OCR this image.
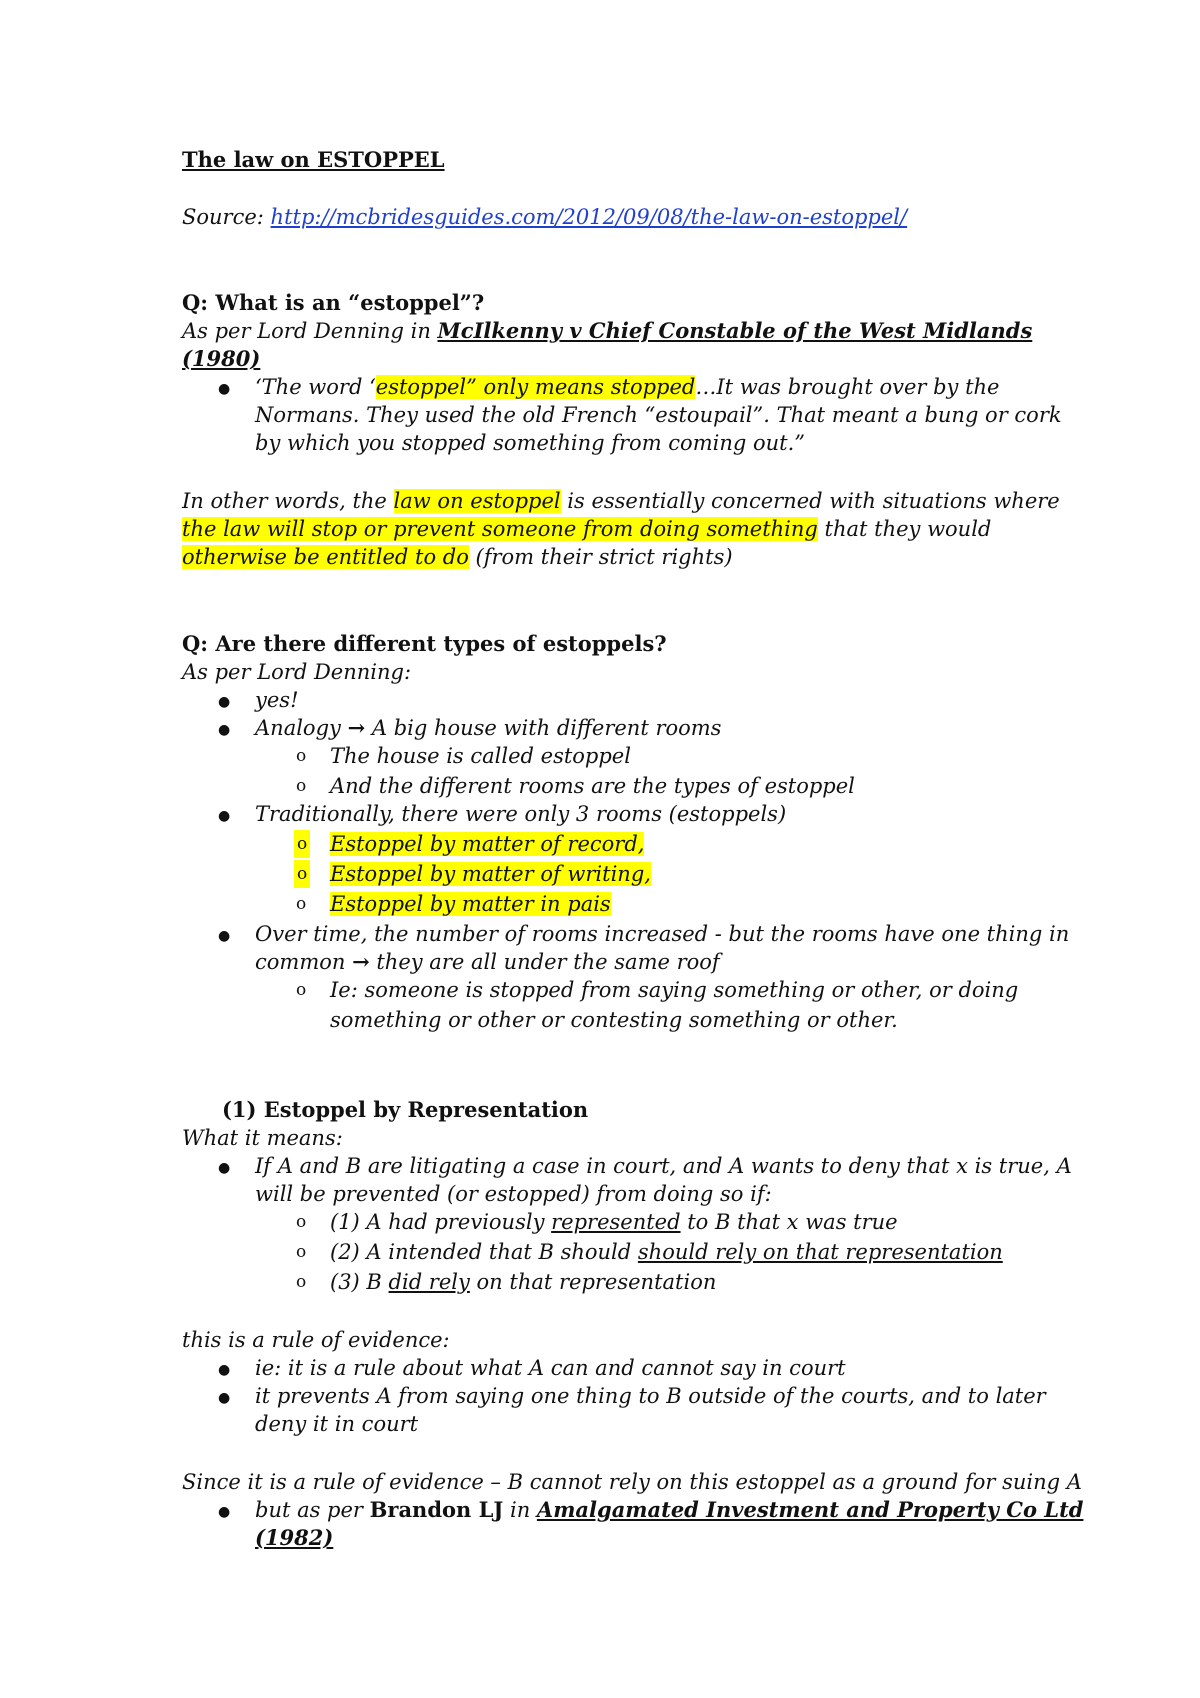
The law on ESTOPPEL
Source: http://mcbridesguides.com/2012/09/08/the-law-on-estoppel/
Q: What is an “estoppel”?
As per Lord Denning in McIlkenny v Chief Constable of the West Midlands
(1980)
● ‘The word ‘estoppel” only means stopped…It was brought over by the
Normans. They used the old French “estoupail”. That meant a bung or cork
by which you stopped something from coming out.”
In other words, the law on estoppel is essentially concerned with situations where
the law will stop or prevent someone from doing something that they would
otherwise be entitled to do (from their strict rights)
Q: Are there different types of estoppels?
As per Lord Denning:
● yes!
● Analogy → A big house with different rooms
o The house is called estoppel
o And the different rooms are the types of estoppel
● Traditionally, there were only 3 rooms (estoppels)
o Estoppel by matter of record,
o Estoppel by matter of writing,
o Estoppel by matter in pais
● Over time, the number of rooms increased - but the rooms have one thing in
common → they are all under the same roof
o Ie: someone is stopped from saying something or other, or doing
something or other or contesting something or other.
(1) Estoppel by Representation
What it means:
● If A and B are litigating a case in court, and A wants to deny that x is true, A
will be prevented (or estopped) from doing so if:
o (1) A had previously represented to B that x was true
o (2) A intended that B should should rely on that representation
o (3) B did rely on that representation
this is a rule of evidence:
● ie: it is a rule about what A can and cannot say in court
● it prevents A from saying one thing to B outside of the courts, and to later
deny it in court
Since it is a rule of evidence – B cannot rely on this estoppel as a ground for suing A
● but as per Brandon LJ in Amalgamated Investment and Property Co Ltd
(1982)
